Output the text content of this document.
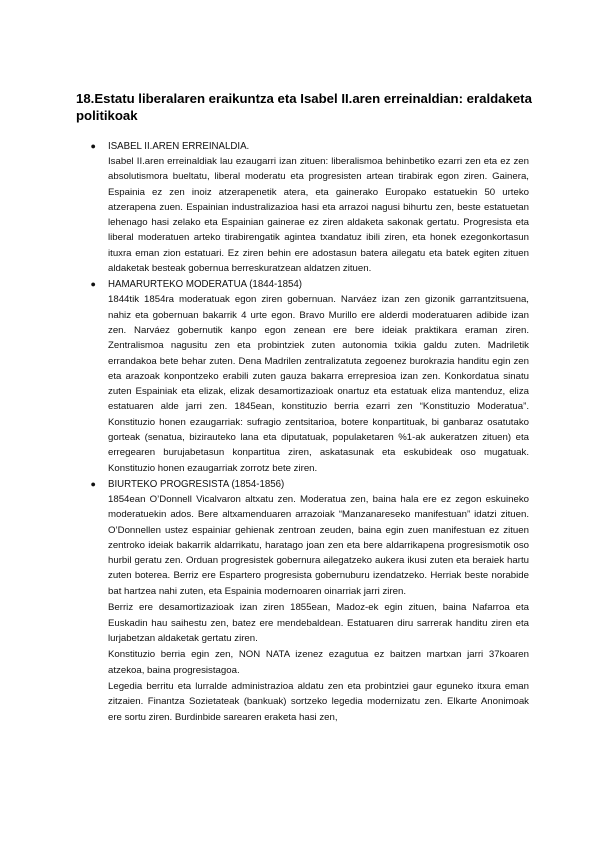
18.Estatu liberalaren eraikuntza eta Isabel II.aren erreinaldian: eraldaketa politikoak
● ISABEL II.AREN ERREINALDIA.

Isabel II.aren erreinaldiak lau ezaugarri izan zituen: liberalismoa behinbetiko ezarri zen eta ez zen absolutismora bueltatu, liberal moderatu eta progresisten artean tirabirak egon ziren. Gainera, Espainia ez zen inoiz atzerapenetik atera, eta gainerako Europako estatuekin 50 urteko atzerapena zuen. Espainian industralizazioa hasi eta arrazoi nagusi bihurtu zen, beste estatuetan lehenago hasi zelako eta Espainian gainerae ez ziren aldaketa sakonak gertatu. Progresista eta liberal moderatuen arteko tirabirengatik agintea txandatuz ibili ziren, eta honek ezegonkortasun ituxra eman zion estatuari. Ez ziren behin ere adostasun batera ailegatu eta batek egiten zituen aldaketak besteak gobernua berreskuratzean aldatzen zituen.

● HAMARURTEKO MODERATUA (1844-1854)

1844tik 1854ra moderatuak egon ziren gobernuan. Narváez izan zen gizonik garrantzitsuena, nahiz eta gobernuan bakarrik 4 urte egon. Bravo Murillo ere alderdi moderatuaren adibide izan zen. Narváez gobernutik kanpo egon zenean ere bere ideiak praktikara eraman ziren. Zentralismoa nagusitu zen eta probintziek zuten autonomia txikia galdu zuten. Madriletik errandakoa bete behar zuten. Dena Madrilen zentralizatuta zegoenez burokrazia handitu egin zen eta arazoak konpontzeko erabili zuten gauza bakarra errepresioa izan zen. Konkordatua sinatu zuten Espainiak eta elizak, elizak desamortizazioak onartuz eta estatuak eliza mantenduz, eliza estatuaren alde jarri zen. 1845ean, konstituzio berria ezarri zen “Konstituzio Moderatua”. Konstituzio honen ezaugarriak: sufragio zentsitarioa, botere konpartituak, bi ganbaraz osatutako gorteak (senatua, bizirauteko lana eta diputatuak, populaketaren %1-ak aukeratzen zituen) eta erregearen burujabetasun konpartitua ziren, askatasunak eta eskubideak oso mugatuak. Konstituzio honen ezaugarriak zorrotz bete ziren.

● BIURTEKO PROGRESISTA (1854-1856)

1854ean O’Donnell Vicalvaron altxatu zen. Moderatua zen, baina hala ere ez zegon eskuineko moderatuekin ados. Bere altxamenduaren arrazoiak “Manzanareseko manifestuan” idatzi zituen. O’Donnellen ustez espainiar gehienak zentroan zeuden, baina egin zuen manifestuan ez zituen zentroko ideiak bakarrik aldarrikatu, haratago joan zen eta bere aldarrikapena progresismotik oso hurbil geratu zen. Orduan progresistek gobernura ailegatzeko aukera ikusi zuten eta beraiek hartu zuten boterea. Berriz ere Espartero progresista gobernuburu izendatzeko. Herriak beste norabide bat hartzea nahi zuten, eta Espainia modernoaren oinarriak jarri ziren.

Berriz ere desamortizazioak izan ziren 1855ean, Madoz-ek egin zituen, baina Nafarroa eta Euskadin hau saihestu zen, batez ere mendebaldean. Estatuaren diru sarrerak handitu ziren eta lurjabetzan aldaketak gertatu ziren.

Konstituzio berria egin zen, NON NATA izenez ezagutua ez baitzen martxan jarri 37koaren atzekoa, baina progresistagoa.

Legedia berritu eta lurralde administrazioa aldatu zen eta probintziei gaur eguneko itxura eman zitzaien. Finantza Sozietateak (bankuak) sortzeko legedia modernizatu zen. Elkarte Anonimoak ere sortu ziren. Burdinbide sarearen eraketa hasi zen,
